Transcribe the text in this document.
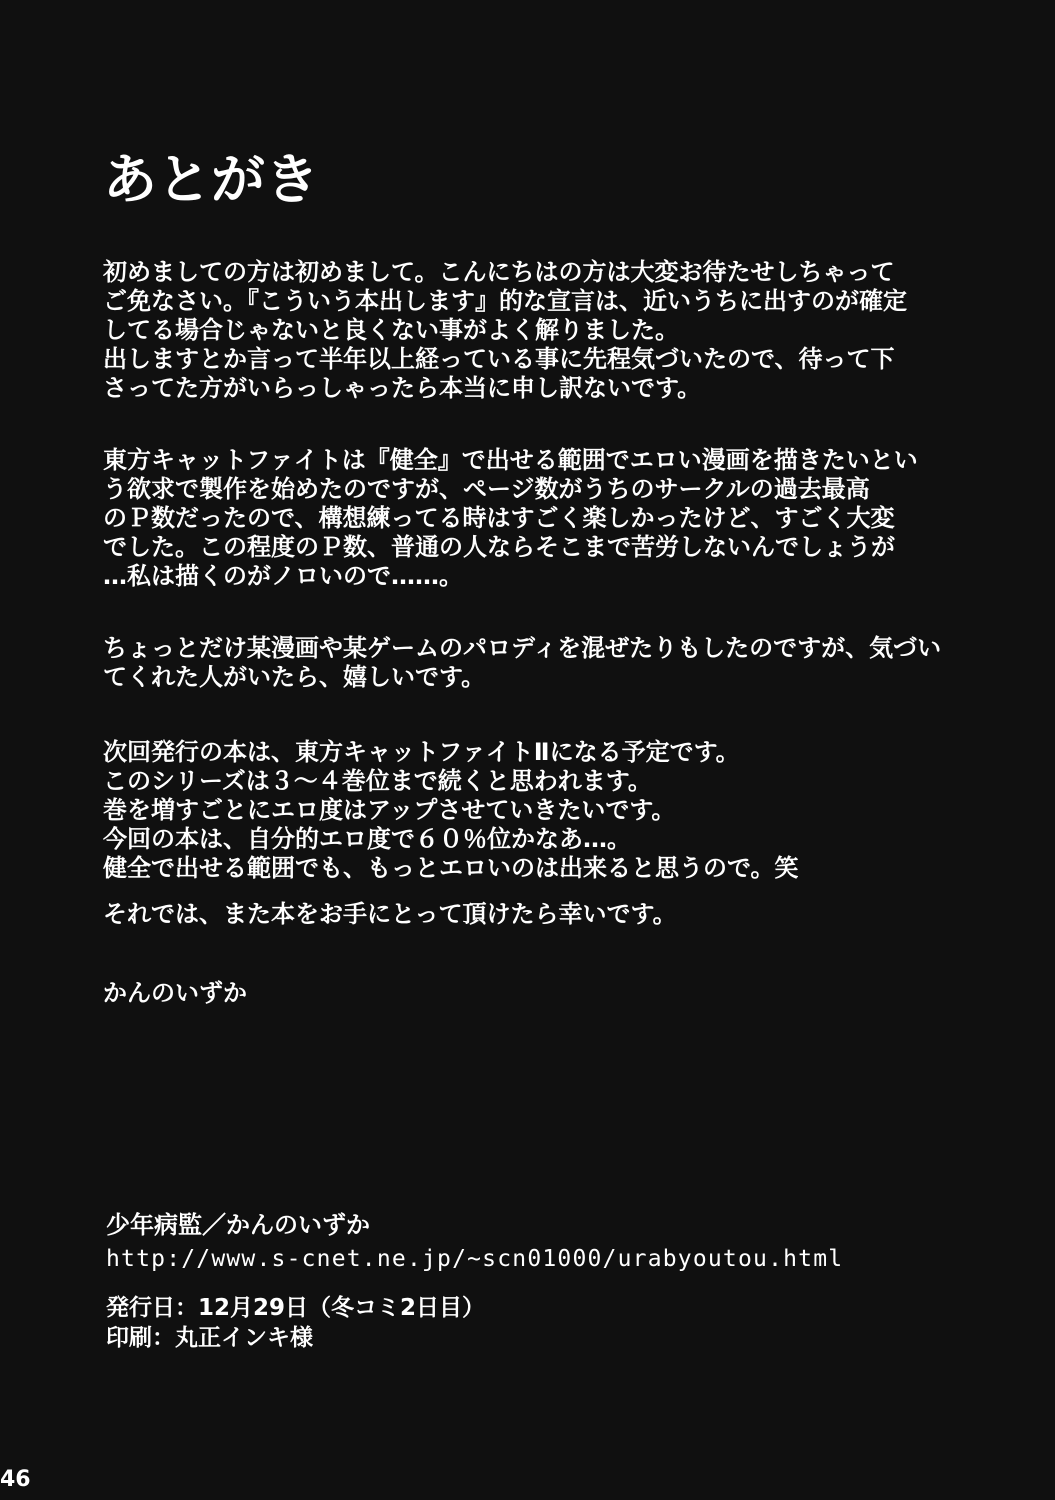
あとがき

初めましての方は初めまして。こんにちはの方は大変お待たせしちゃって
ご免なさい。『こういう本出します』的な宣言は、近いうちに出すのが確定
してる場合じゃないと良くない事がよく解りました。
出しますとか言って半年以上経っている事に先程気づいたので、待って下
さってた方がいらっしゃったら本当に申し訳ないです。

東方キャットファイトは『健全』で出せる範囲でエロい漫画を描きたいとい
う欲求で製作を始めたのですが、ページ数がうちのサークルの過去最高
のＰ数だったので、構想練ってる時はすごく楽しかったけど、すごく大変
でした。この程度のＰ数、普通の人ならそこまで苦労しないんでしょうが
…私は描くのがノロいので……。

ちょっとだけ某漫画や某ゲームのパロディを混ぜたりもしたのですが、気づい
てくれた人がいたら、嬉しいです。

次回発行の本は、東方キャットファイトⅡになる予定です。
このシリーズは３～４巻位まで続くと思われます。
巻を増すごとにエロ度はアップさせていきたいです。
今回の本は、自分的エロ度で６０％位かなあ…。
健全で出せる範囲でも、もっとエロいのは出来ると思うので。笑

それでは、また本をお手にとって頂けたら幸いです。

かんのいずか

少年病監／かんのいずか
http://www.s-cnet.ne.jp/~scn01000/urabyoutou.html
発行日：12月29日（冬コミ2日目）
印刷：丸正インキ様
46
